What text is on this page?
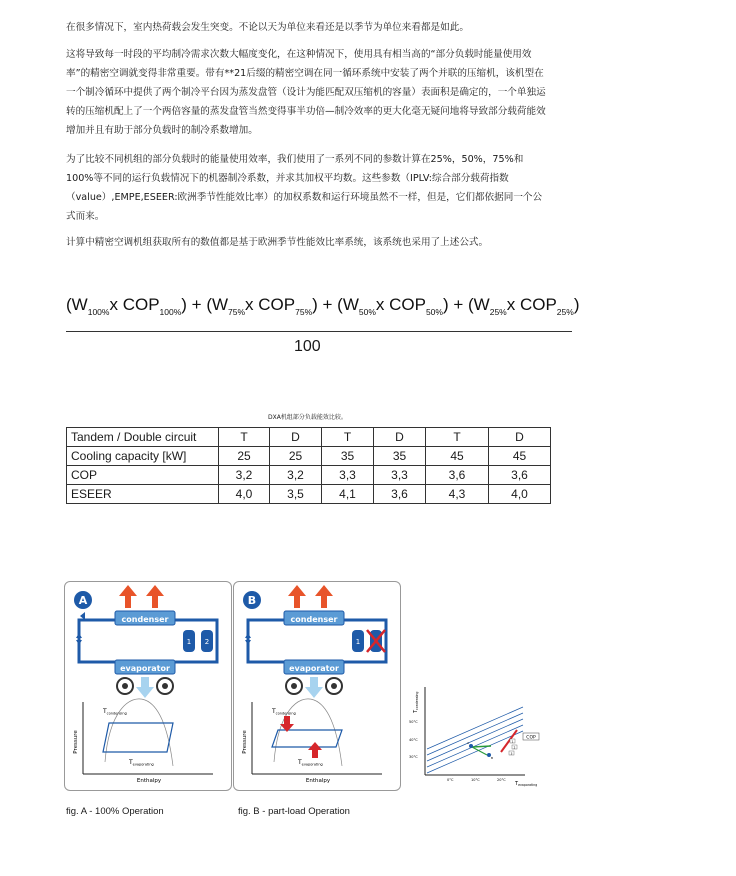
在很多情况下，室内热荷载会发生突变。不论以天为单位来看还是以季节为单位来看都是如此。

这将导致每一时段的平均制冷需求次数大幅度变化，在这种情况下，使用具有相当高的“部分负载时能量使用效率”的精密空调就变得非常重要。带有**21后缀的精密空调在同一循环系统中安装了两个并联的压缩机，该机型在一个制冷循环中提供了两个制冷平台因为蒸发盘管（设计为能匹配双压缩机的容量）表面积是确定的，一个单独运转的压缩机配上了一个两倍容量的蒸发盘管当然变得事半功倍—制冷效率的更大化毫无疑问地将导致部分载荷能效增加并且有助于部分负载时的制冷系数增加。

为了比较不同机组的部分负载时的能量使用效率，我们使用了一系列不同的参数计算在25%，50%，75%和100%等不同的运行负载情况下的机器制冷系数，并求其加权平均数。这些参数（IPLV:综合部分载荷指数（value）,EMPE,ESEER:欧洲季节性能效比率）的加权系数和运行环境虽然不一样，但是，它们都依据同一个公式而来。

计算中精密空调机组获取所有的数值都是基于欧洲季节性能效比率系统，该系统也采用了上述公式。

($W_{100\%}x$ $COP_{100\%}) + (W_{75\%}x$ $COP_{75\%}) + (W_{50\%}x$ $COP_{50\%}) + (W_{25\%}x$ $COP_{25\%}$)
100
DXA机组部分负载能效比较。
Tandem / Double circuit	T	D	T	D	T	D
Cooling capacity [kW]	25	25	35	35	45	45
COP	3,2	3,2	3,3	3,3	3,6	3,6
ESEER	4,0	3,5	4,1	3,6	4,3	4,0
A
condenser
evaporator
1 2
Pressure
Enthalpy
$T_{condensing}$
$T_{evaporating}$
B
condenser
evaporator
1
Pressure
Enthalpy
$T_{condensing}$
$T_{evaporating}$
$T_{condensing}$
$T_{evaporating}$
50°C
40°C
30°C
0°C	10°C	20°C
A
B
1
2
3
COP
fig. A - 100% Operation	fig. B - part-load Operation
